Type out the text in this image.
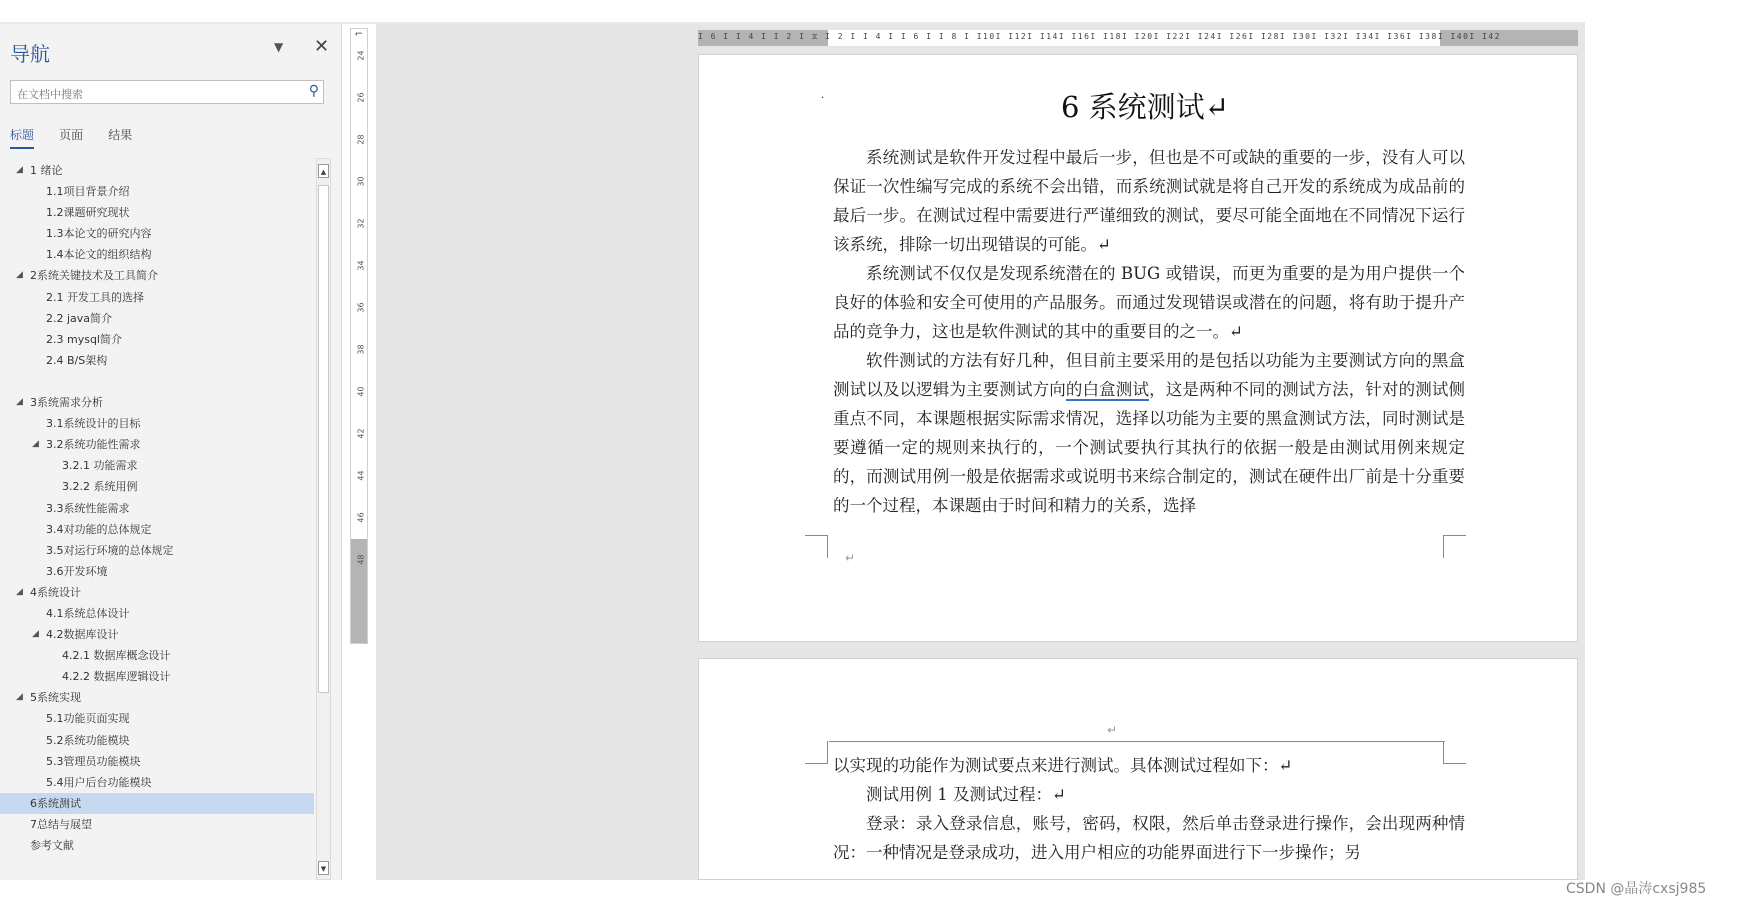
导航	▼ ✕
在文档中搜索	⚲
标题 页面 结果
◢ 1 绪论
1.1项目背景介绍
1.2课题研究现状
1.3本论文的研究内容
1.4本论文的组织结构
◢ 2系统关键技术及工具简介
2.1 开发工具的选择
2.2 java简介
2.3 mysql简介
2.4 B/S架构
◢ 3系统需求分析
3.1系统设计的目标
◢ 3.2系统功能性需求
3.2.1 功能需求
3.2.2 系统用例
3.3系统性能需求
3.4对功能的总体规定
3.5对运行环境的总体规定
3.6开发环境
◢ 4系统设计
4.1系统总体设计
◢ 4.2数据库设计
4.2.1 数据库概念设计
4.2.2 数据库逻辑设计
◢ 5系统实现
5.1功能页面实现
5.2系统功能模块
5.3管理员功能模块
5.4用户后台功能模块
6系统测试
7总结与展望
参考文献
▲
▼
⌐
24
26
28
30
32
34
36
38
40
42
44
46
48
I 6 I I 4 I I 2 I ⧖ I 2 I I 4 I I 6 I I 8 I I10I I12I I14I I16I I18I I20I I22I I24I I26I I28I I30I I32I I34I I36I I38I I40I I42
·	6 系统测试↵

系统测试是软件开发过程中最后一步，但也是不可或缺的重要的一步，没有人可以保证一次性编写完成的系统不会出错，而系统测试就是将自己开发的系统成为成品前的最后一步。在测试过程中需要进行严谨细致的测试，要尽可能全面地在不同情况下运行该系统，排除一切出现错误的可能。↵

系统测试不仅仅是发现系统潜在的 BUG 或错误，而更为重要的是为用户提供一个良好的体验和安全可使用的产品服务。而通过发现错误或潜在的问题，将有助于提升产品的竞争力，这也是软件测试的其中的重要目的之一。↵

软件测试的方法有好几种，但目前主要采用的是包括以功能为主要测试方向的黑盒测试以及以逻辑为主要测试方向的白盒测试，这是两种不同的测试方法，针对的测试侧重点不同，本课题根据实际需求情况，选择以功能为主要的黑盒测试方法，同时测试是要遵循一定的规则来执行的，一个测试要执行其执行的依据一般是由测试用例来规定的，而测试用例一般是依据需求或说明书来综合制定的，测试在硬件出厂前是十分重要的一个过程，本课题由于时间和精力的关系，选择

↵
↵

以实现的功能作为测试要点来进行测试。具体测试过程如下：↵

测试用例 1 及测试过程：↵

登录：录入登录信息，账号，密码，权限，然后单击登录进行操作，会出现两种情况：一种情况是登录成功，进入用户相应的功能界面进行下一步操作；另

CSDN @晶涛cxsj985
